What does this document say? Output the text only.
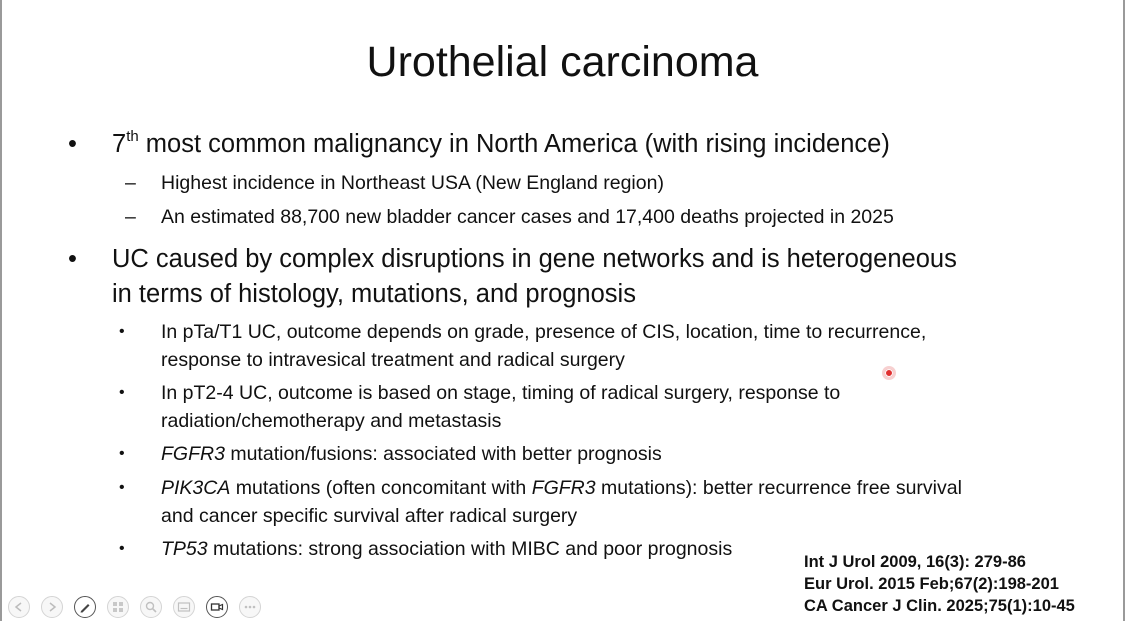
Urothelial carcinoma
• 7th most common malignancy in North America (with rising incidence)
– Highest incidence in Northeast USA (New England region)
– An estimated 88,700 new bladder cancer cases and 17,400 deaths projected in 2025
• UC caused by complex disruptions in gene networks and is heterogeneous
in terms of histology, mutations, and prognosis
• In pTa/T1 UC, outcome depends on grade, presence of CIS, location, time to recurrence,
response to intravesical treatment and radical surgery
• In pT2-4 UC, outcome is based on stage, timing of radical surgery, response to
radiation/chemotherapy and metastasis
• FGFR3 mutation/fusions: associated with better prognosis
• PIK3CA mutations (often concomitant with FGFR3 mutations): better recurrence free survival
and cancer specific survival after radical surgery
• TP53 mutations: strong association with MIBC and poor prognosis
Int J Urol 2009, 16(3): 279-86
Eur Urol. 2015 Feb;67(2):198-201
CA Cancer J Clin. 2025;75(1):10-45
